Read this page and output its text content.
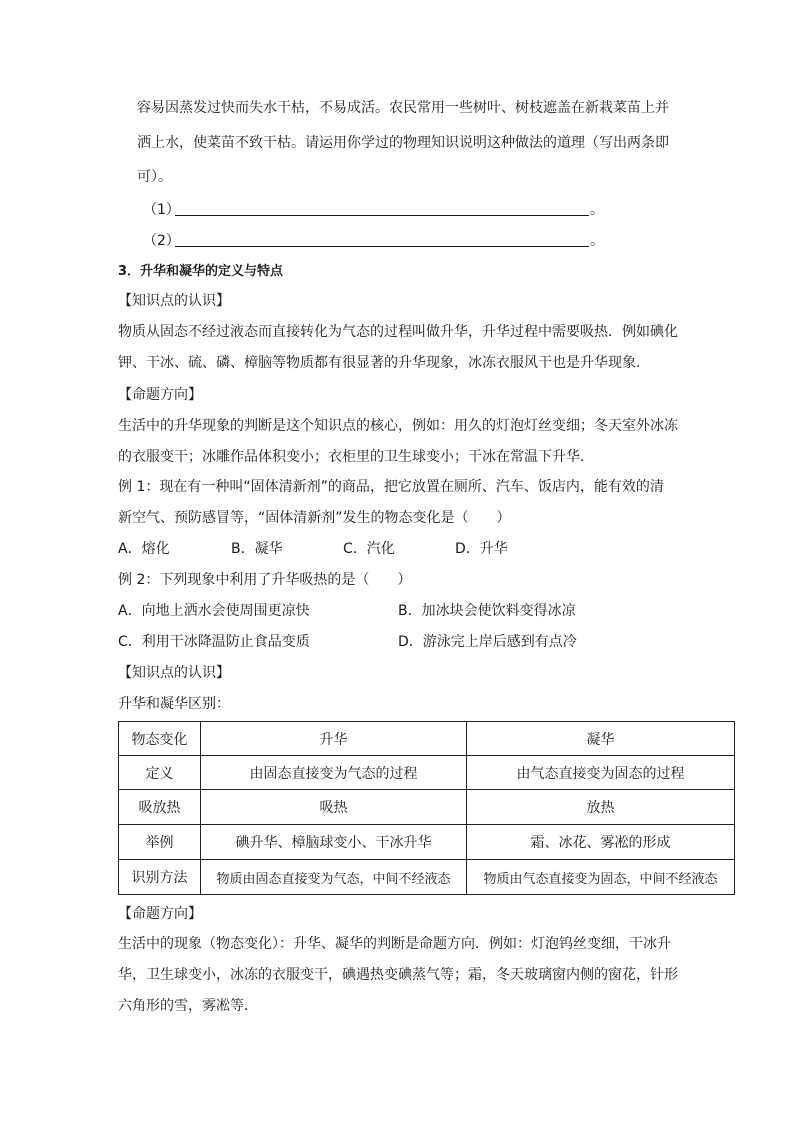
容易因蒸发过快而失水干枯，不易成活。农民常用一些树叶、树枝遮盖在新栽菜苗上并
洒上水，使菜苗不致干枯。请运用你学过的物理知识说明这种做法的道理（写出两条即
可）。
（1）	。
（2）	。
3．升华和凝华的定义与特点
【知识点的认识】
物质从固态不经过液态而直接转化为气态的过程叫做升华，升华过程中需要吸热．例如碘化
钾、干冰、硫、磷、樟脑等物质都有很显著的升华现象，冰冻衣服风干也是升华现象．
【命题方向】
生活中的升华现象的判断是这个知识点的核心，例如：用久的灯泡灯丝变细；冬天室外冰冻
的衣服变干；冰雕作品体积变小；衣柜里的卫生球变小；干冰在常温下升华．
例 1：现在有一种叫“固体清新剂”的商品，把它放置在厕所、汽车、饭店内，能有效的清
新空气、预防感冒等，“固体清新剂”发生的物态变化是（　　）
A．熔化	B．凝华	C．汽化	D．升华
例 2：下列现象中利用了升华吸热的是（　　）
A．向地上洒水会使周围更凉快	B．加冰块会使饮料变得冰凉
C．利用干冰降温防止食品变质	D．游泳完上岸后感到有点冷
【知识点的认识】
升华和凝华区别：
物态变化	升华	凝华
定义	由固态直接变为气态的过程	由气态直接变为固态的过程
吸放热	吸热	放热
举例	碘升华、樟脑球变小、干冰升华	霜、冰花、雾凇的形成
识别方法	物质由固态直接变为气态，中间不经液态	物质由气态直接变为固态，中间不经液态
【命题方向】
生活中的现象（物态变化）：升华、凝华的判断是命题方向．例如：灯泡钨丝变细，干冰升
华，卫生球变小，冰冻的衣服变干，碘遇热变碘蒸气等；霜，冬天玻璃窗内侧的窗花，针形
六角形的雪，雾凇等．
